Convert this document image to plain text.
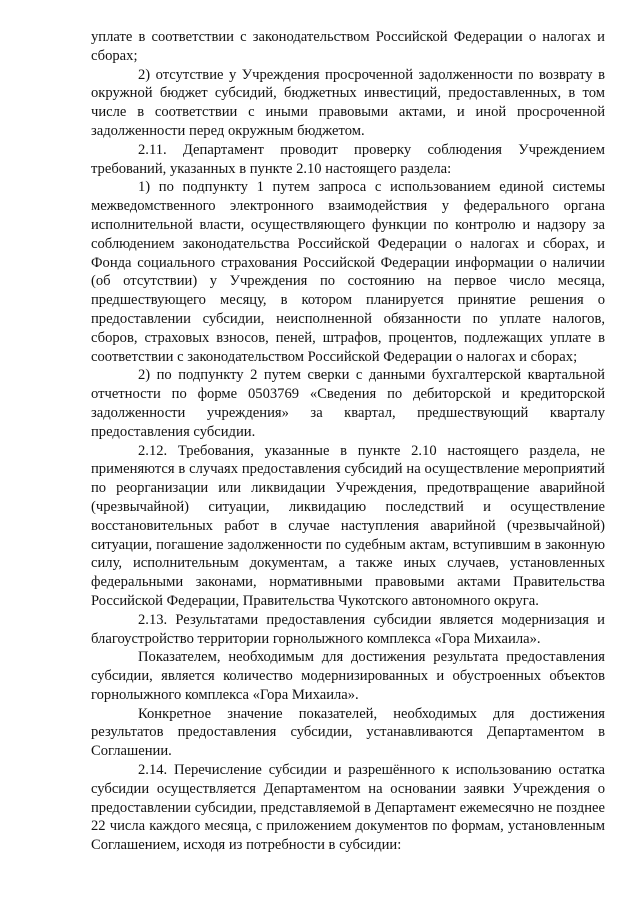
уплате в соответствии с законодательством Российской Федерации о налогах и сборах;

2) отсутствие у Учреждения просроченной задолженности по возврату в окружной бюджет субсидий, бюджетных инвестиций, предоставленных, в том числе в соответствии с иными правовыми актами, и иной просроченной задолженности перед окружным бюджетом.

2.11. Департамент проводит проверку соблюдения Учреждением требований, указанных в пункте 2.10 настоящего раздела:

1) по подпункту 1 путем запроса с использованием единой системы межведомственного электронного взаимодействия у федерального органа исполнительной власти, осуществляющего функции по контролю и надзору за соблюдением законодательства Российской Федерации о налогах и сборах, и Фонда социального страхования Российской Федерации информации о наличии (об отсутствии) у Учреждения по состоянию на первое число месяца, предшествующего месяцу, в котором планируется принятие решения о предоставлении субсидии, неисполненной обязанности по уплате налогов, сборов, страховых взносов, пеней, штрафов, процентов, подлежащих уплате в соответствии с законодательством Российской Федерации о налогах и сборах;

2) по подпункту 2 путем сверки с данными бухгалтерской квартальной отчетности по форме 0503769 «Сведения по дебиторской и кредиторской задолженности учреждения» за квартал, предшествующий кварталу предоставления субсидии.

2.12. Требования, указанные в пункте 2.10 настоящего раздела, не применяются в случаях предоставления субсидий на осуществление мероприятий по реорганизации или ликвидации Учреждения, предотвращение аварийной (чрезвычайной) ситуации, ликвидацию последствий и осуществление восстановительных работ в случае наступления аварийной (чрезвычайной) ситуации, погашение задолженности по судебным актам, вступившим в законную силу, исполнительным документам, а также иных случаев, установленных федеральными законами, нормативными правовыми актами Правительства Российской Федерации, Правительства Чукотского автономного округа.

2.13. Результатами предоставления субсидии является модернизация и благоустройство территории горнолыжного комплекса «Гора Михаила».

Показателем, необходимым для достижения результата предоставления субсидии, является количество модернизированных и обустроенных объектов горнолыжного комплекса «Гора Михаила».

Конкретное значение показателей, необходимых для достижения результатов предоставления субсидии, устанавливаются Департаментом в Соглашении.

2.14. Перечисление субсидии и разрешённого к использованию остатка субсидии осуществляется Департаментом на основании заявки Учреждения о предоставлении субсидии, представляемой в Департамент ежемесячно не позднее 22 числа каждого месяца, с приложением документов по формам, установленным Соглашением, исходя из потребности в субсидии:
